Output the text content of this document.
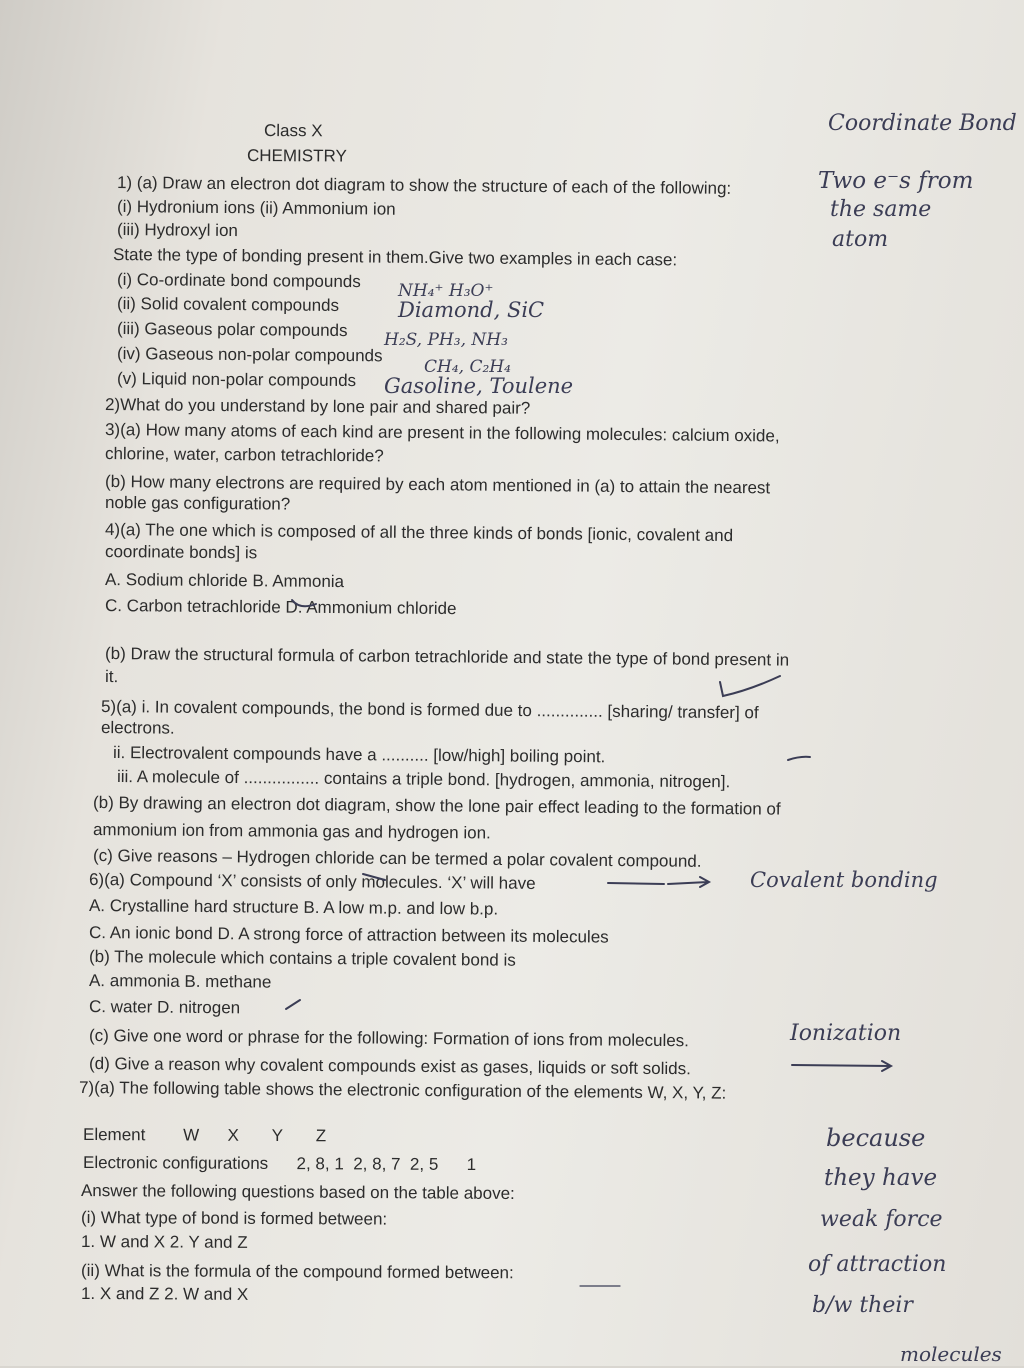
Class X
CHEMISTRY
1) (a) Draw an electron dot diagram to show the structure of each of the following:
(i) Hydronium ions (ii) Ammonium ion
(iii) Hydroxyl ion
State the type of bonding present in them.Give two examples in each case:
(i) Co-ordinate bond compounds
(ii) Solid covalent compounds
(iii) Gaseous polar compounds
(iv) Gaseous non-polar compounds
(v) Liquid non-polar compounds
2)What do you understand by lone pair and shared pair?
3)(a) How many atoms of each kind are present in the following molecules: calcium oxide,
chlorine, water, carbon tetrachloride?
(b) How many electrons are required by each atom mentioned in (a) to attain the nearest
noble gas configuration?
4)(a) The one which is composed of all the three kinds of bonds [ionic, covalent and
coordinate bonds] is
A. Sodium chloride B. Ammonia
C. Carbon tetrachloride D. Ammonium chloride
(b) Draw the structural formula of carbon tetrachloride and state the type of bond present in
it.
5)(a) i. In covalent compounds, the bond is formed due to .............. [sharing/ transfer] of
electrons.
ii. Electrovalent compounds have a .......... [low/high] boiling point.
iii. A molecule of ................ contains a triple bond. [hydrogen, ammonia, nitrogen].
(b) By drawing an electron dot diagram, show the lone pair effect leading to the formation of
ammonium ion from ammonia gas and hydrogen ion.
(c) Give reasons – Hydrogen chloride can be termed a polar covalent compound.
6)(a) Compound ‘X’ consists of only molecules. ‘X’ will have
A. Crystalline hard structure B. A low m.p. and low b.p.
C. An ionic bond D. A strong force of attraction between its molecules
(b) The molecule which contains a triple covalent bond is
A. ammonia B. methane
C. water D. nitrogen
(c) Give one word or phrase for the following: Formation of ions from molecules.
(d) Give a reason why covalent compounds exist as gases, liquids or soft solids.
7)(a) The following table shows the electronic configuration of the elements W, X, Y, Z:
Element        W      X       Y       Z
Electronic configurations      2, 8, 1  2, 8, 7  2, 5      1
Answer the following questions based on the table above:
(i) What type of bond is formed between:
1. W and X 2. Y and Z
(ii) What is the formula of the compound formed between:
1. X and Z 2. W and X
Coordinate Bond
Two e⁻s from
the same
atom
NH₄⁺ H₃O⁺
Diamond, SiC
H₂S, PH₃, NH₃
CH₄, C₂H₄
Gasoline, Toulene
Covalent bonding
Ionization
because
they have
weak force
of attraction
b/w their
molecules
